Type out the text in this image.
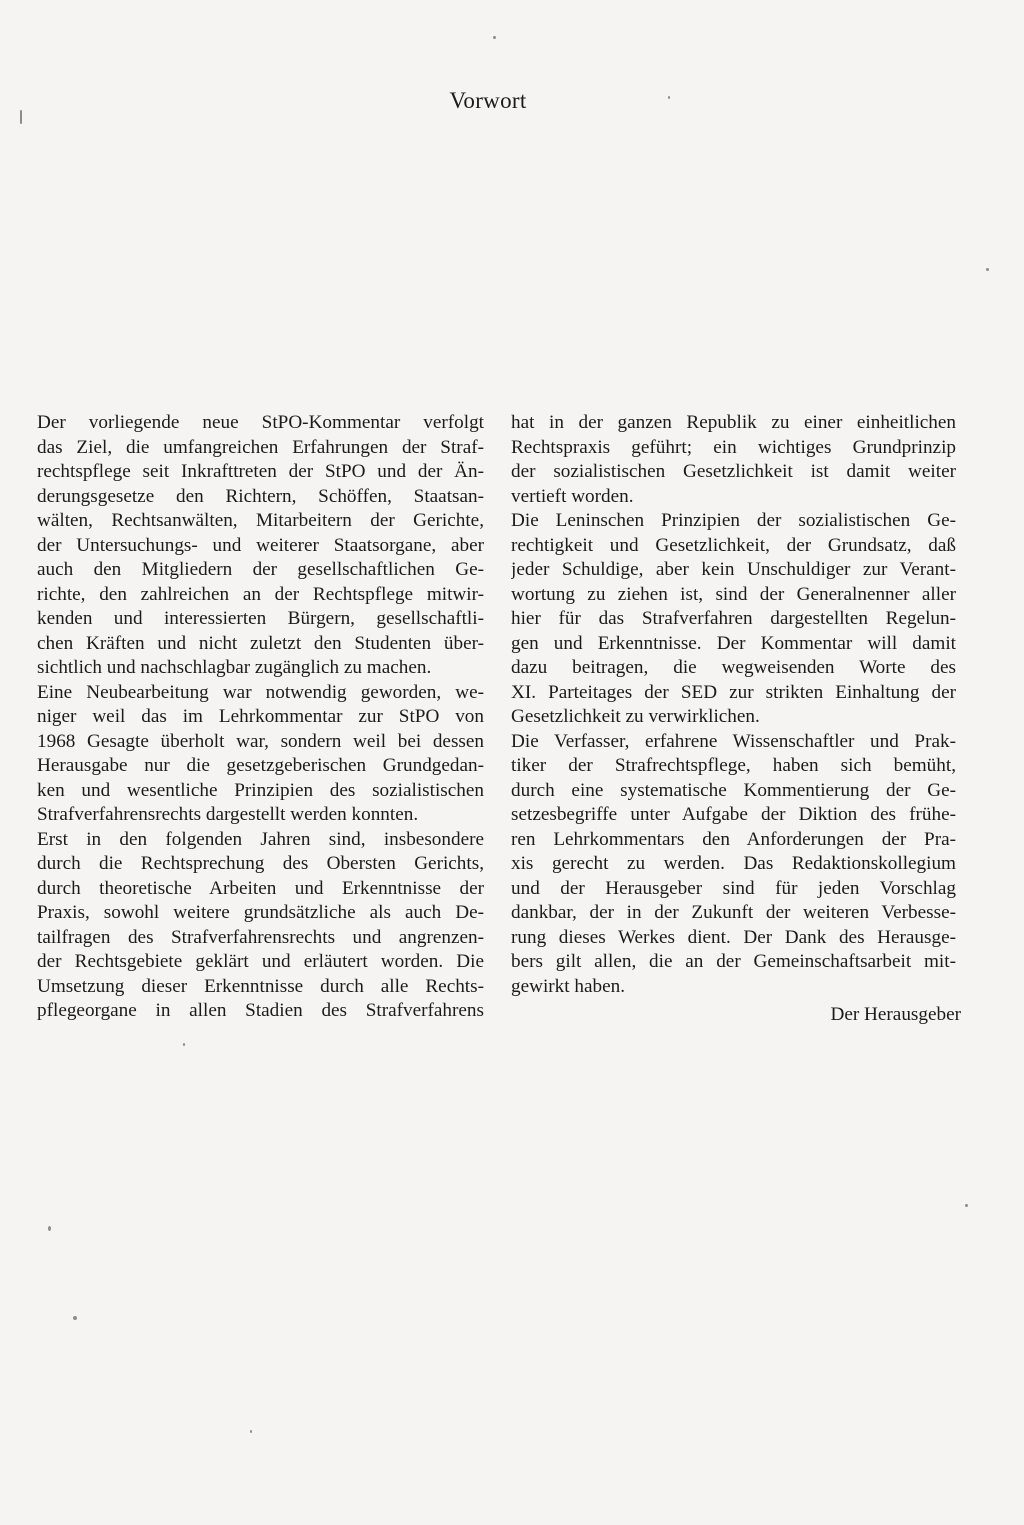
Vorwort
Der vorliegende neue StPO-Kommentar verfolgt
das Ziel, die umfangreichen Erfahrungen der Straf-
rechtspflege seit Inkrafttreten der StPO und der Än-
derungsgesetze den Richtern, Schöffen, Staatsan-
wälten, Rechtsanwälten, Mitarbeitern der Gerichte,
der Untersuchungs- und weiterer Staatsorgane, aber
auch den Mitgliedern der gesellschaftlichen Ge-
richte, den zahlreichen an der Rechtspflege mitwir-
kenden und interessierten Bürgern, gesellschaftli-
chen Kräften und nicht zuletzt den Studenten über-
sichtlich und nachschlagbar zugänglich zu machen.
Eine Neubearbeitung war notwendig geworden, we-
niger weil das im Lehrkommentar zur StPO von
1968 Gesagte überholt war, sondern weil bei dessen
Herausgabe nur die gesetzgeberischen Grundgedan-
ken und wesentliche Prinzipien des sozialistischen
Strafverfahrensrechts dargestellt werden konnten.
Erst in den folgenden Jahren sind, insbesondere
durch die Rechtsprechung des Obersten Gerichts,
durch theoretische Arbeiten und Erkenntnisse der
Praxis, sowohl weitere grundsätzliche als auch De-
tailfragen des Strafverfahrensrechts und angrenzen-
der Rechtsgebiete geklärt und erläutert worden. Die
Umsetzung dieser Erkenntnisse durch alle Rechts-
pflegeorgane in allen Stadien des Strafverfahrens
hat in der ganzen Republik zu einer einheitlichen
Rechtspraxis geführt; ein wichtiges Grundprinzip
der sozialistischen Gesetzlichkeit ist damit weiter
vertieft worden.
Die Leninschen Prinzipien der sozialistischen Ge-
rechtigkeit und Gesetzlichkeit, der Grundsatz, daß
jeder Schuldige, aber kein Unschuldiger zur Verant-
wortung zu ziehen ist, sind der Generalnenner aller
hier für das Strafverfahren dargestellten Regelun-
gen und Erkenntnisse. Der Kommentar will damit
dazu beitragen, die wegweisenden Worte des
XI. Parteitages der SED zur strikten Einhaltung der
Gesetzlichkeit zu verwirklichen.
Die Verfasser, erfahrene Wissenschaftler und Prak-
tiker der Strafrechtspflege, haben sich bemüht,
durch eine systematische Kommentierung der Ge-
setzesbegriffe unter Aufgabe der Diktion des frühe-
ren Lehrkommentars den Anforderungen der Pra-
xis gerecht zu werden. Das Redaktionskollegium
und der Herausgeber sind für jeden Vorschlag
dankbar, der in der Zukunft der weiteren Verbesse-
rung dieses Werkes dient. Der Dank des Herausge-
bers gilt allen, die an der Gemeinschaftsarbeit mit-
gewirkt haben.
Der Herausgeber
